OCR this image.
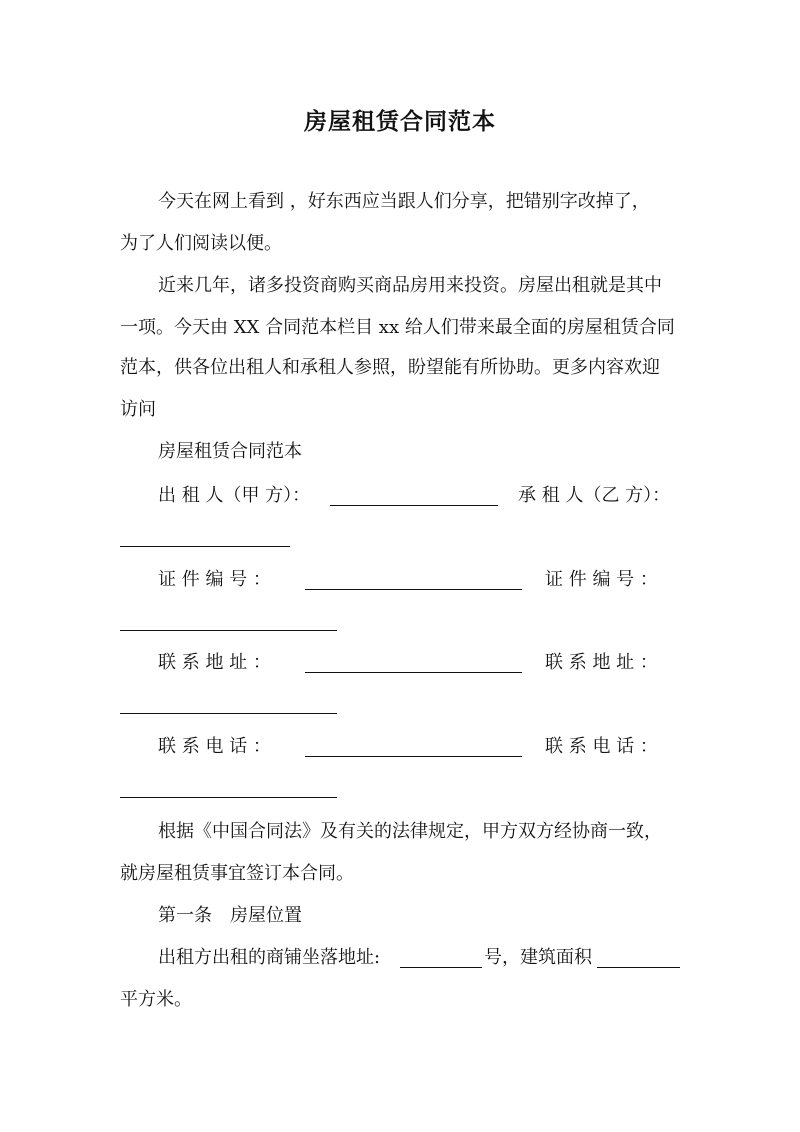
房屋租赁合同范本
今天在网上看到 ，好东西应当跟人们分享，把错别字改掉了，
为了人们阅读以便。
近来几年，诸多投资商购买商品房用来投资。房屋出租就是其中
一项。今天由 XX 合同范本栏目 xx 给人们带来最全面的房屋租赁合同
范本，供各位出租人和承租人参照，盼望能有所协助。更多内容欢迎
访问
房屋租赁合同范本
出 租 人（甲 方）：	承 租 人（乙 方）：
证 件 编 号 ：	证 件 编 号 ：
联 系 地 址 ：	联 系 地 址 ：
联 系 电 话 ：	联 系 电 话 ：
根据《中国合同法》及有关的法律规定，甲方双方经协商一致，
就房屋租赁事宜签订本合同。
第一条　房屋位置
出租方出租的商铺坐落地址:	号，建筑面积
平方米。
